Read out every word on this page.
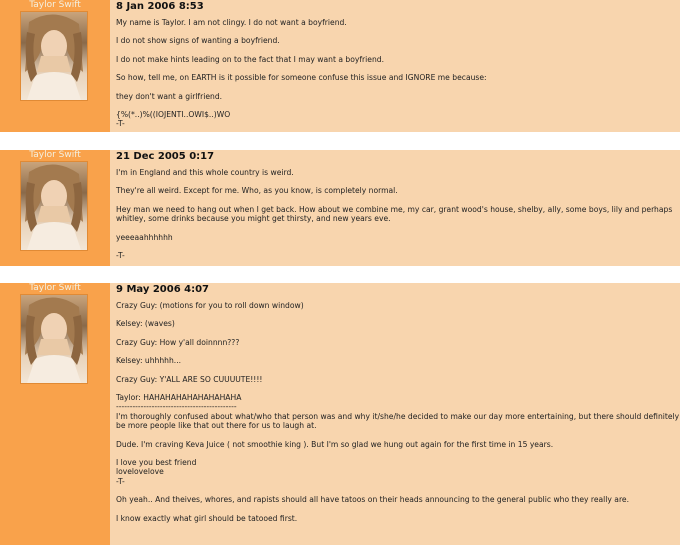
Taylor Swift	8 Jan 2006 8:53

My name is Taylor. I am not clingy. I do not want a boyfriend.

I do not show signs of wanting a boyfriend.

I do not make hints leading on to the fact that I may want a boyfriend.

So how, tell me, on EARTH is it possible for someone confuse this issue and IGNORE me because:

they don't want a girlfriend.

{%(*..)%((IOJENTI..OWI$..)WO

-T-

Taylor Swift	21 Dec 2005 0:17

I'm in England and this whole country is weird.

They're all weird. Except for me. Who, as you know, is completely normal.

Hey man we need to hang out when I get back. How about we combine me, my car, grant wood's house, shelby, ally, some boys, lily and perhaps whitley, some drinks because you might get thirsty, and new years eve.

yeeeaahhhhhh

-T-

Taylor Swift	9 May 2006 4:07

Crazy Guy: (motions for you to roll down window)

Kelsey: (waves)

Crazy Guy: How y'all doinnnn???

Kelsey: uhhhhh...

Crazy Guy: Y'ALL ARE SO CUUUUTE!!!!

Taylor: HAHAHAHAHAHAHAHAHA

--------------------------------------------

I'm thoroughly confused about what/who that person was and why it/she/he decided to make our day more entertaining, but there should definitely be more people like that out there for us to laugh at.

Dude. I'm craving Keva Juice ( not smoothie king ). But I'm so glad we hung out again for the first time in 15 years.

I love you best friend

lovelovelove

-T-

Oh yeah.. And theives, whores, and rapists should all have tatoos on their heads announcing to the general public who they really are.

I know exactly what girl should be tatooed first.
